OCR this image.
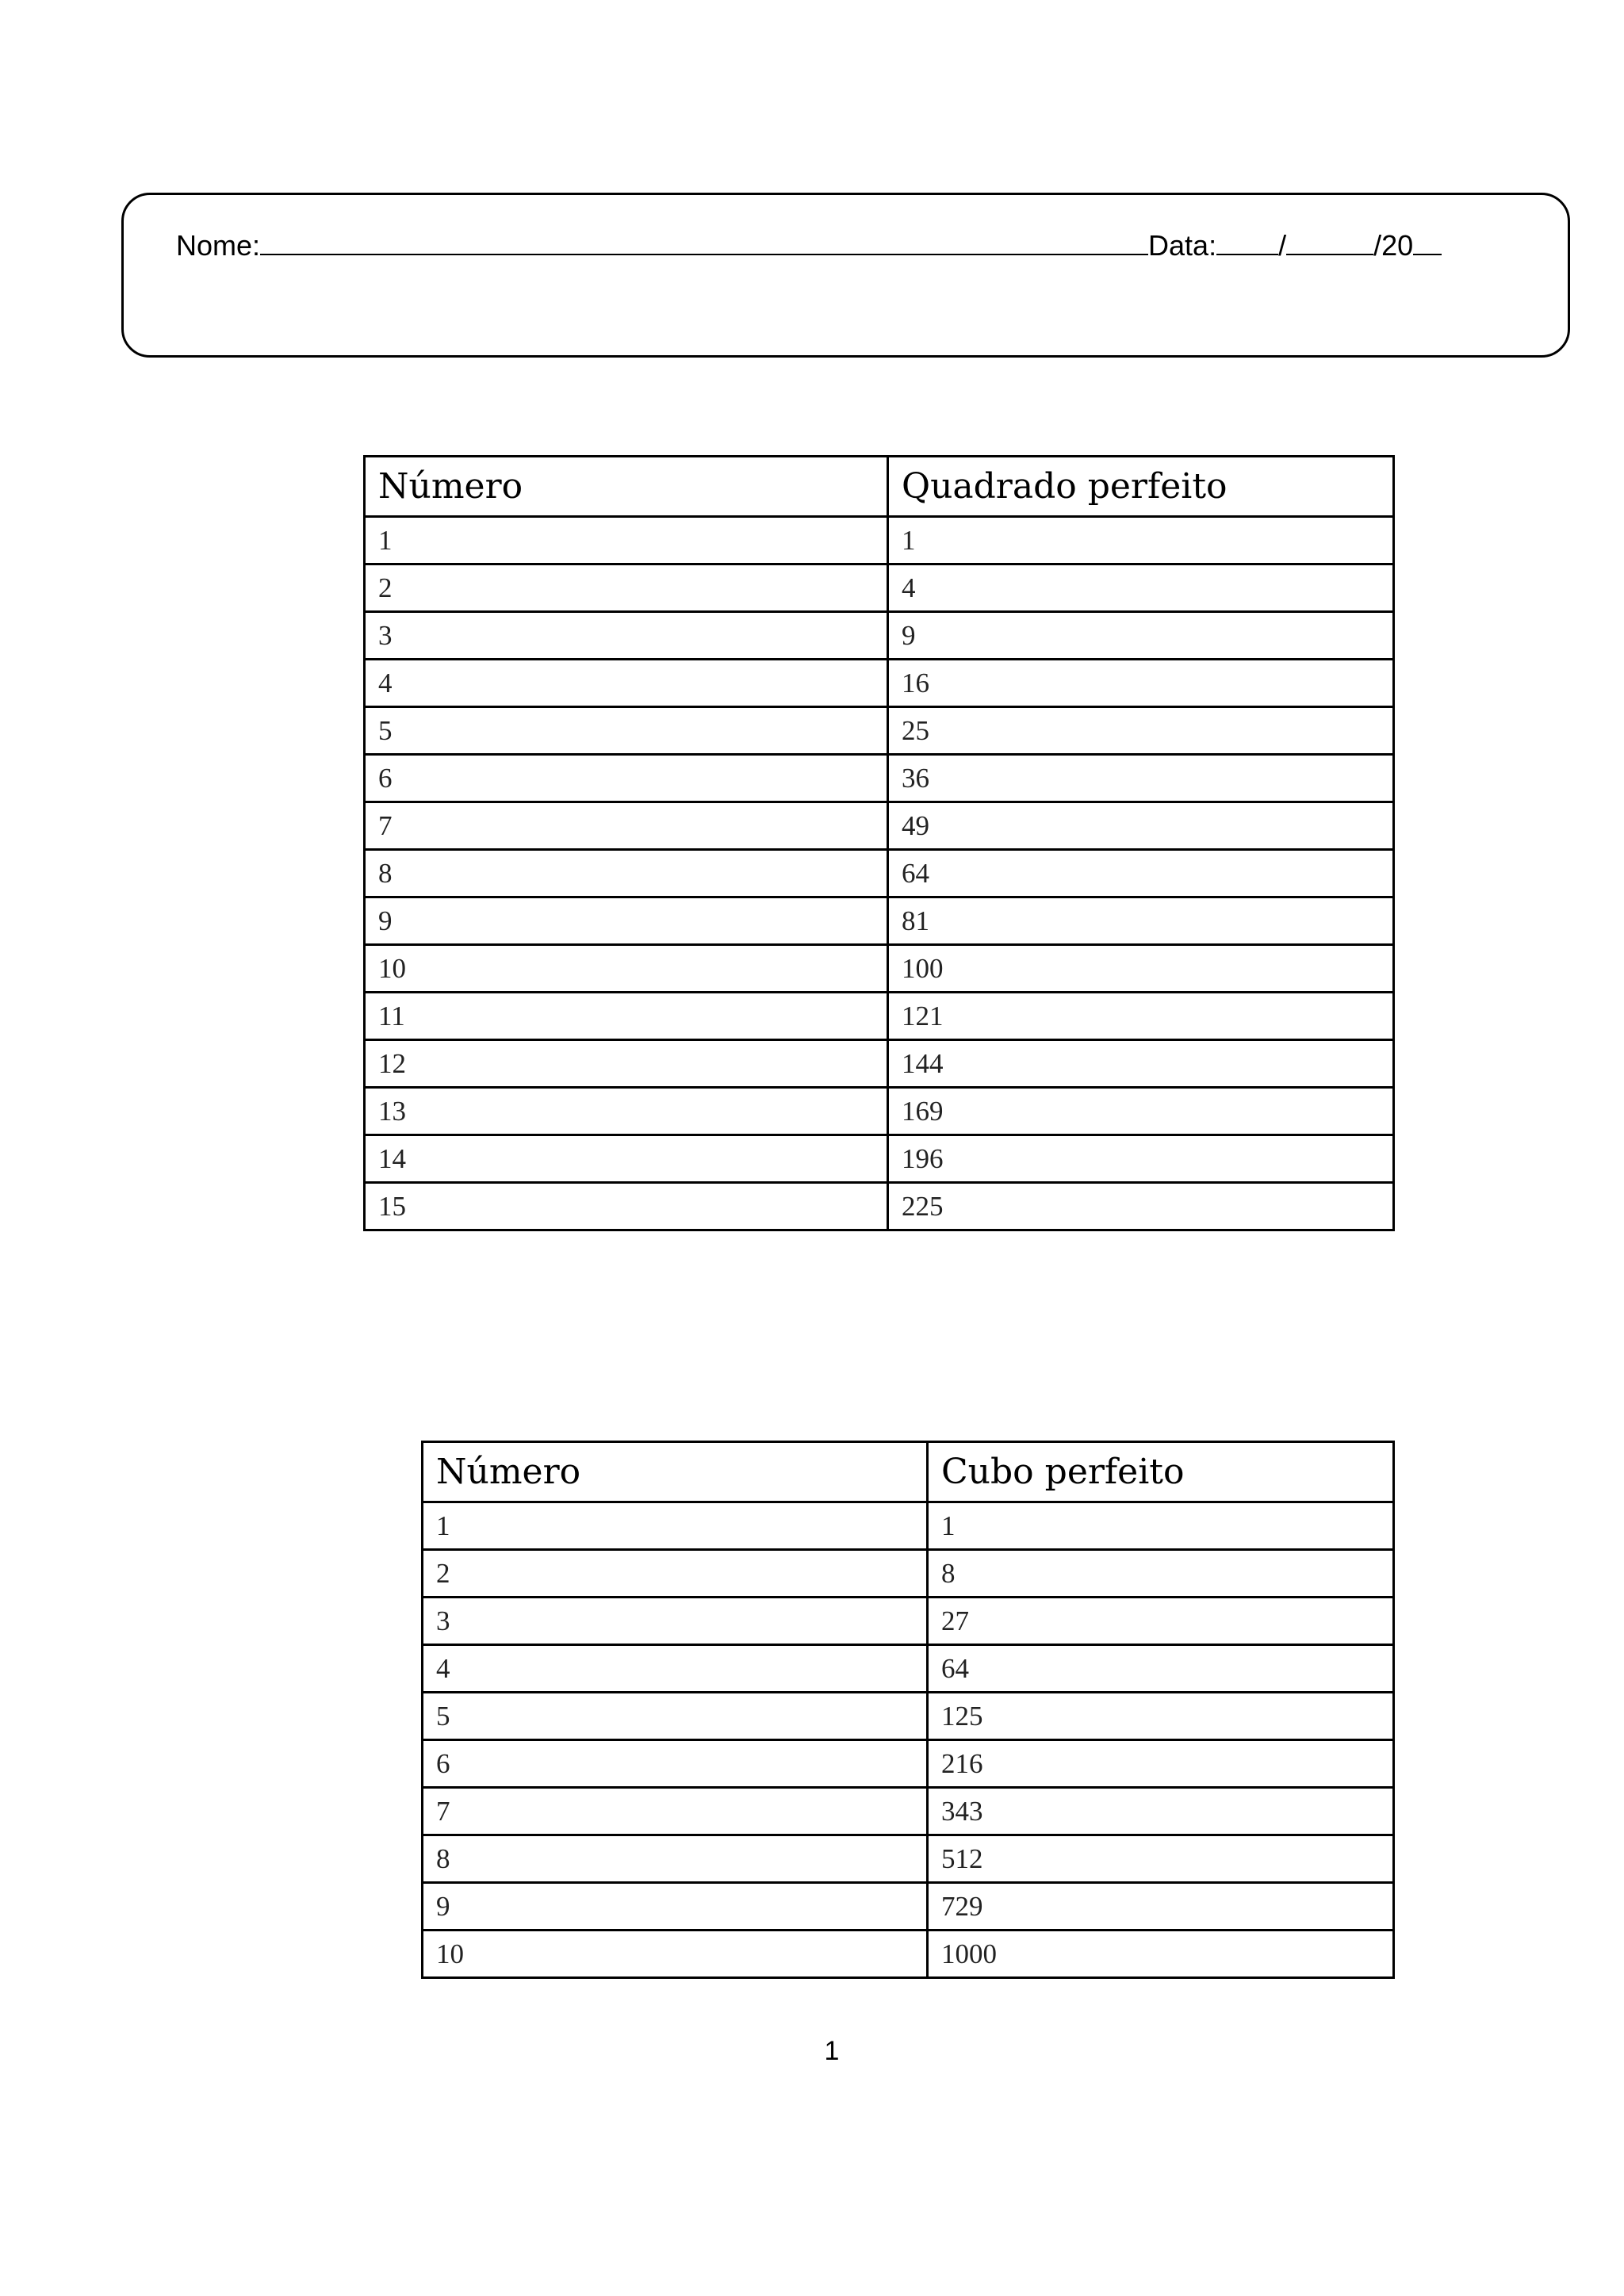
Nome:	Data: /	/20
Número	Quadrado perfeito
1	1
2	4
3	9
4	16
5	25
6	36
7	49
8	64
9	81
10	100
11	121
12	144
13	169
14	196
15	225
Número	Cubo perfeito
1	1
2	8
3	27
4	64
5	125
6	216
7	343
8	512
9	729
10	1000
1
